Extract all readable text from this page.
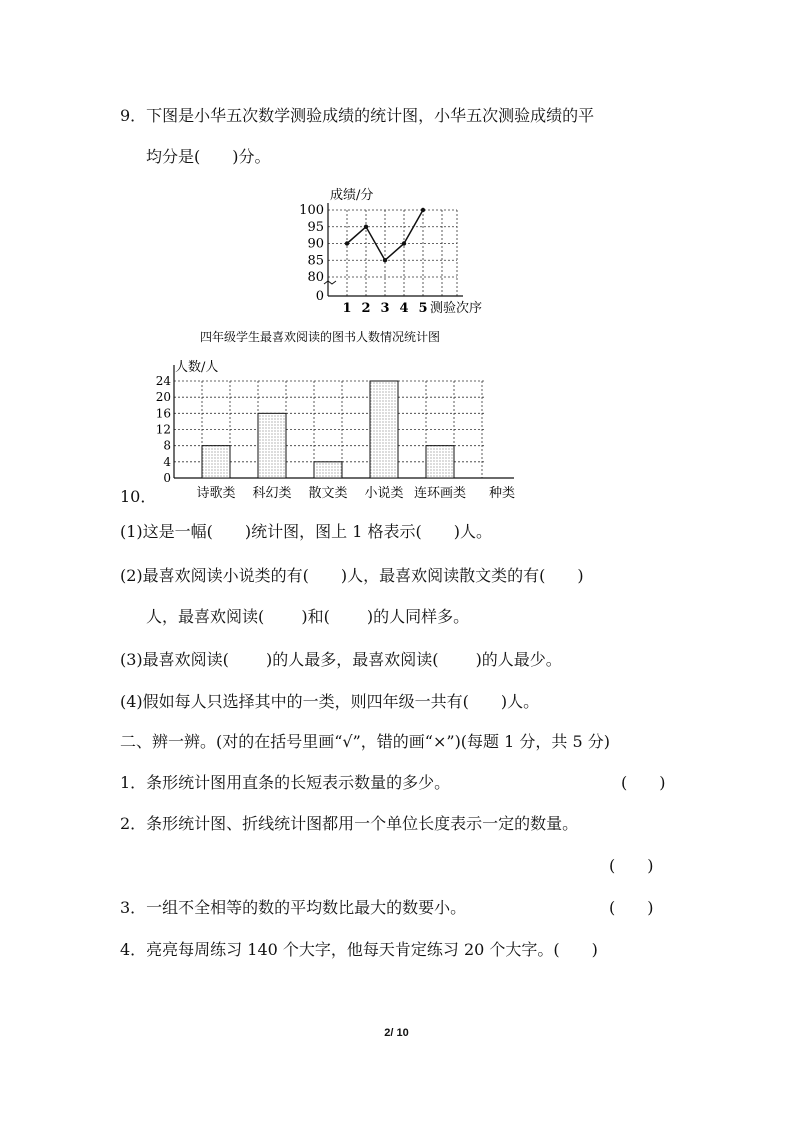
9．下图是小华五次数学测验成绩的统计图，小华五次测验成绩的平
均分是(　　)分。
0
80
85
90
95
100
1 2 3 4 5
成绩/分
测验次序
四年级学生最喜欢阅读的图书人数情况统计图
人数/人
0
4
8
12
16
20
24
诗歌类 科幻类 散文类 小说类 连环画类 种类
10．
(1)这是一幅(　　)统计图，图上 1 格表示(　　)人。
(2)最喜欢阅读小说类的有(　　)人，最喜欢阅读散文类的有(　　)
人，最喜欢阅读(　　 )和(　　 )的人同样多。
(3)最喜欢阅读(　　 )的人最多，最喜欢阅读(　　 )的人最少。
(4)假如每人只选择其中的一类，则四年级一共有(　　)人。
二、辨一辨。(对的在括号里画“√”，错的画“×”)(每题 1 分，共 5 分)
1．条形统计图用直条的长短表示数量的多少。	(　　)
2．条形统计图、折线统计图都用一个单位长度表示一定的数量。
(　　)
3．一组不全相等的数的平均数比最大的数要小。	(　　)
4．亮亮每周练习 140 个大字，他每天肯定练习 20 个大字。(　　)
2/ 10
